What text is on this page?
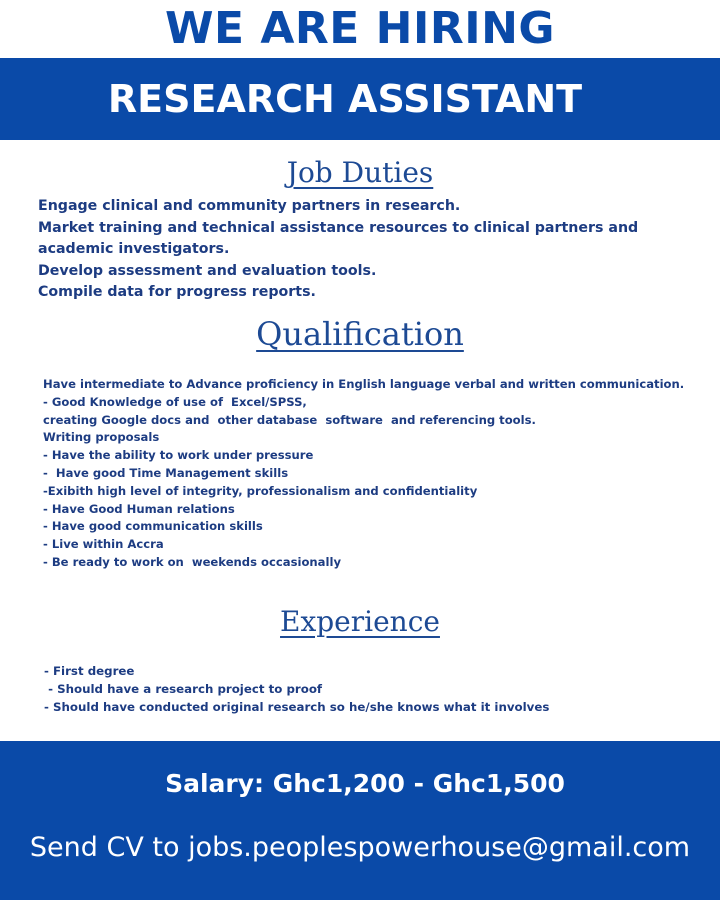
WE ARE HIRING
RESEARCH ASSISTANT
Job Duties
Engage clinical and community partners in research.
Market training and technical assistance resources to clinical partners and
academic investigators.
Develop assessment and evaluation tools.
Compile data for progress reports.
Qualification
Have intermediate to Advance proficiency in English language verbal and written communication.
- Good Knowledge of use of  Excel/SPSS,
creating Google docs and  other database  software  and referencing tools.
Writing proposals
- Have the ability to work under pressure
-  Have good Time Management skills
-Exibith high level of integrity, professionalism and confidentiality
- Have Good Human relations
- Have good communication skills
- Live within Accra
- Be ready to work on  weekends occasionally
Experience
- First degree
- Should have a research project to proof
- Should have conducted original research so he/she knows what it involves
Salary: Ghc1,200 - Ghc1,500
Send CV to jobs.peoplespowerhouse@gmail.com
